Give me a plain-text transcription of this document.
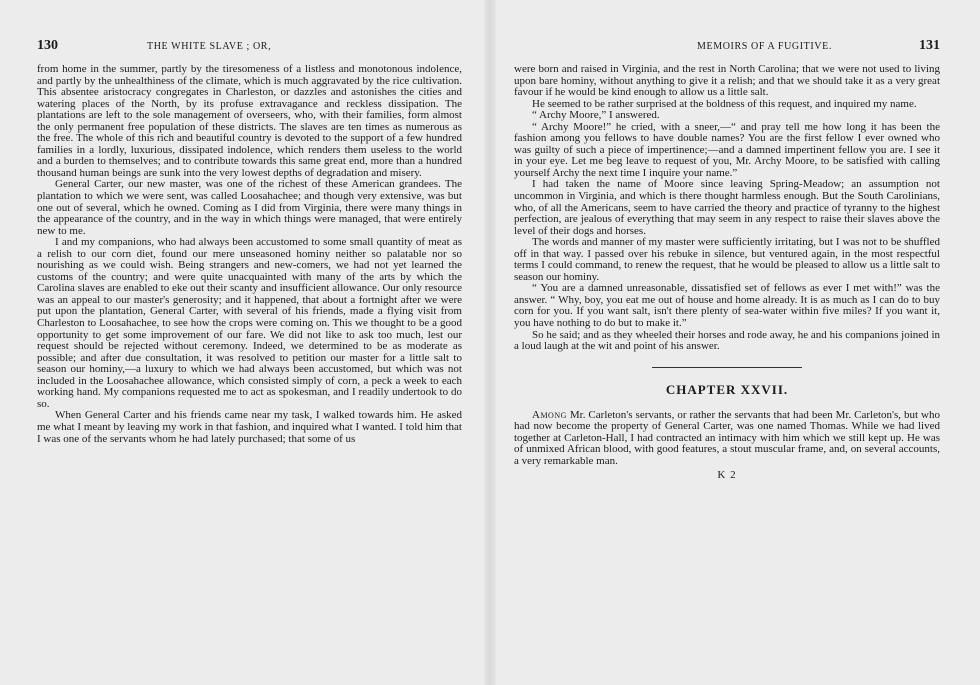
130	THE WHITE SLAVE ; OR,

from home in the summer, partly by the tiresomeness of a listless and monotonous indolence, and partly by the unhealthiness of the climate, which is much aggravated by the rice cultivation. This absentee aristocracy congregates in Charleston, or dazzles and astonishes the cities and watering places of the North, by its profuse extravagance and reckless dissipation. The plantations are left to the sole management of overseers, who, with their families, form almost the only permanent free population of these districts. The slaves are ten times as numerous as the free. The whole of this rich and beautiful country is devoted to the support of a few hundred families in a lordly, luxurious, dissipated indolence, which renders them useless to the world and a burden to themselves; and to contribute towards this same great end, more than a hundred thousand human beings are sunk into the very lowest depths of degradation and misery.

General Carter, our new master, was one of the richest of these American grandees. The plantation to which we were sent, was called Loosahachee; and though very extensive, was but one out of several, which he owned. Coming as I did from Virginia, there were many things in the appearance of the country, and in the way in which things were managed, that were entirely new to me.

I and my companions, who had always been accustomed to some small quantity of meat as a relish to our corn diet, found our mere unseasoned hominy neither so palatable nor so nourishing as we could wish. Being strangers and new-comers, we had not yet learned the customs of the country; and were quite unacquainted with many of the arts by which the Carolina slaves are enabled to eke out their scanty and insufficient allowance. Our only resource was an appeal to our master's generosity; and it happened, that about a fortnight after we were put upon the plantation, General Carter, with several of his friends, made a flying visit from Charleston to Loosahachee, to see how the crops were coming on. This we thought to be a good opportunity to get some improvement of our fare. We did not like to ask too much, lest our request should be rejected without ceremony. Indeed, we determined to be as moderate as possible; and after due consultation, it was resolved to petition our master for a little salt to season our hominy,—a luxury to which we had always been accustomed, but which was not included in the Loosahachee allowance, which consisted simply of corn, a peck a week to each working hand. My companions requested me to act as spokesman, and I readily undertook to do so.

When General Carter and his friends came near my task, I walked towards him. He asked me what I meant by leaving my work in that fashion, and inquired what I wanted. I told him that I was one of the servants whom he had lately purchased; that some of us

MEMOIRS OF A FUGITIVE.	131

were born and raised in Virginia, and the rest in North Carolina; that we were not used to living upon bare hominy, without anything to give it a relish; and that we should take it as a very great favour if he would be kind enough to allow us a little salt.

He seemed to be rather surprised at the boldness of this request, and inquired my name.

“ Archy Moore,” I answered.

“ Archy Moore!” he cried, with a sneer,—“ and pray tell me how long it has been the fashion among you fellows to have double names? You are the first fellow I ever owned who was guilty of such a piece of impertinence;—and a damned impertinent fellow you are. I see it in your eye. Let me beg leave to request of you, Mr. Archy Moore, to be satisfied with calling yourself Archy the next time I inquire your name.”

I had taken the name of Moore since leaving Spring-Meadow; an assumption not uncommon in Virginia, and which is there thought harmless enough. But the South Carolinians, who, of all the Americans, seem to have carried the theory and practice of tyranny to the highest perfection, are jealous of everything that may seem in any respect to raise their slaves above the level of their dogs and horses.

The words and manner of my master were sufficiently irritating, but I was not to be shuffled off in that way. I passed over his rebuke in silence, but ventured again, in the most respectful terms I could command, to renew the request, that he would be pleased to allow us a little salt to season our hominy.

“ You are a damned unreasonable, dissatisfied set of fellows as ever I met with!” was the answer. “ Why, boy, you eat me out of house and home already. It is as much as I can do to buy corn for you. If you want salt, isn't there plenty of sea-water within five miles? If you want it, you have nothing to do but to make it.”

So he said; and as they wheeled their horses and rode away, he and his companions joined in a loud laugh at the wit and point of his answer.

CHAPTER XXVII.

Among Mr. Carleton's servants, or rather the servants that had been Mr. Carleton's, but who had now become the property of General Carter, was one named Thomas. While we had lived together at Carleton-Hall, I had contracted an intimacy with him which we still kept up. He was of unmixed African blood, with good features, a stout muscular frame, and, on several accounts, a very remarkable man.

K 2
